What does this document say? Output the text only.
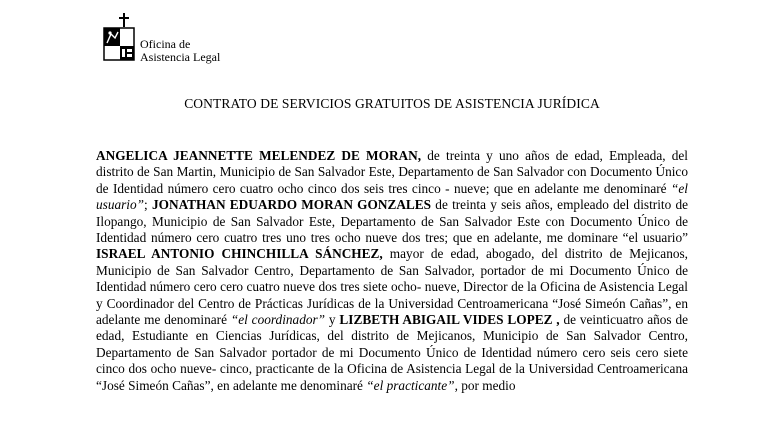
Oficina de
Asistencia Legal
CONTRATO DE SERVICIOS GRATUITOS DE ASISTENCIA JURÍDICA

ANGELICA JEANNETTE MELENDEZ DE MORAN, de treinta y uno años de edad, Empleada, del distrito de San Martin, Municipio de San Salvador Este, Departamento de San Salvador con Documento Único de Identidad número cero cuatro ocho cinco dos seis tres cinco - nueve; que en adelante me denominaré “el usuario”; JONATHAN EDUARDO MORAN GONZALES de treinta y seis años, empleado del distrito de Ilopango, Municipio de San Salvador Este, Departamento de San Salvador Este con Documento Único de Identidad número cero cuatro tres uno tres ocho nueve dos tres; que en adelante, me dominare “el usuario” ISRAEL ANTONIO CHINCHILLA SÁNCHEZ, mayor de edad, abogado, del distrito de Mejicanos, Municipio de San Salvador Centro, Departamento de San Salvador, portador de mi Documento Único de Identidad número cero cero cuatro nueve dos tres siete ocho- nueve, Director de la Oficina de Asistencia Legal y Coordinador del Centro de Prácticas Jurídicas de la Universidad Centroamericana “José Simeón Cañas”, en adelante me denominaré “el coordinador” y LIZBETH ABIGAIL VIDES LOPEZ , de veinticuatro años de edad, Estudiante en Ciencias Jurídicas, del distrito de Mejicanos, Municipio de San Salvador Centro, Departamento de San Salvador portador de mi Documento Único de Identidad número cero seis cero siete cinco dos ocho nueve- cinco, practicante de la Oficina de Asistencia Legal de la Universidad Centroamericana “José Simeón Cañas”, en adelante me denominaré “el practicante”, por medio
